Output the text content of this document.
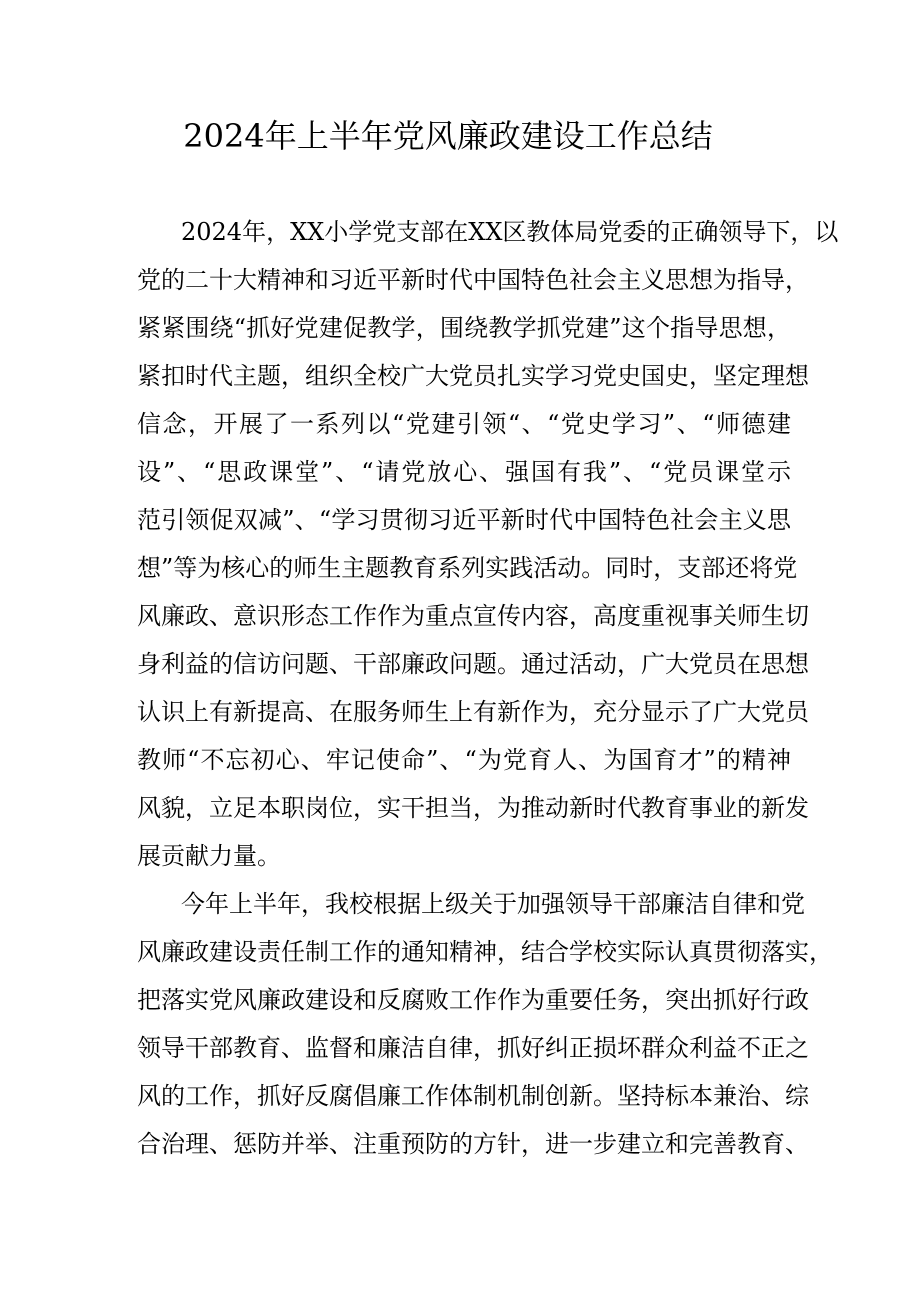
2024年上半年党风廉政建设工作总结
2024年，XX小学党支部在XX区教体局党委的正确领导下，以
党的二十大精神和习近平新时代中国特色社会主义思想为指导，
紧紧围绕“抓好党建促教学，围绕教学抓党建”这个指导思想，
紧扣时代主题，组织全校广大党员扎实学习党史国史，坚定理想
信念，开展了一系列以“党建引领“、“党史学习”、“师德建
设”、“思政课堂”、“请党放心、强国有我”、“党员课堂示
范引领促双减”、“学习贯彻习近平新时代中国特色社会主义思
想”等为核心的师生主题教育系列实践活动。同时，支部还将党
风廉政、意识形态工作作为重点宣传内容，高度重视事关师生切
身利益的信访问题、干部廉政问题。通过活动，广大党员在思想
认识上有新提高、在服务师生上有新作为，充分显示了广大党员
教师“不忘初心、牢记使命”、“为党育人、为国育才”的精神
风貌，立足本职岗位，实干担当，为推动新时代教育事业的新发
展贡献力量。
今年上半年，我校根据上级关于加强领导干部廉洁自律和党
风廉政建设责任制工作的通知精神，结合学校实际认真贯彻落实，
把落实党风廉政建设和反腐败工作作为重要任务，突出抓好行政
领导干部教育、监督和廉洁自律，抓好纠正损坏群众利益不正之
风的工作，抓好反腐倡廉工作体制机制创新。坚持标本兼治、综
合治理、惩防并举、注重预防的方针，进一步建立和完善教育、
